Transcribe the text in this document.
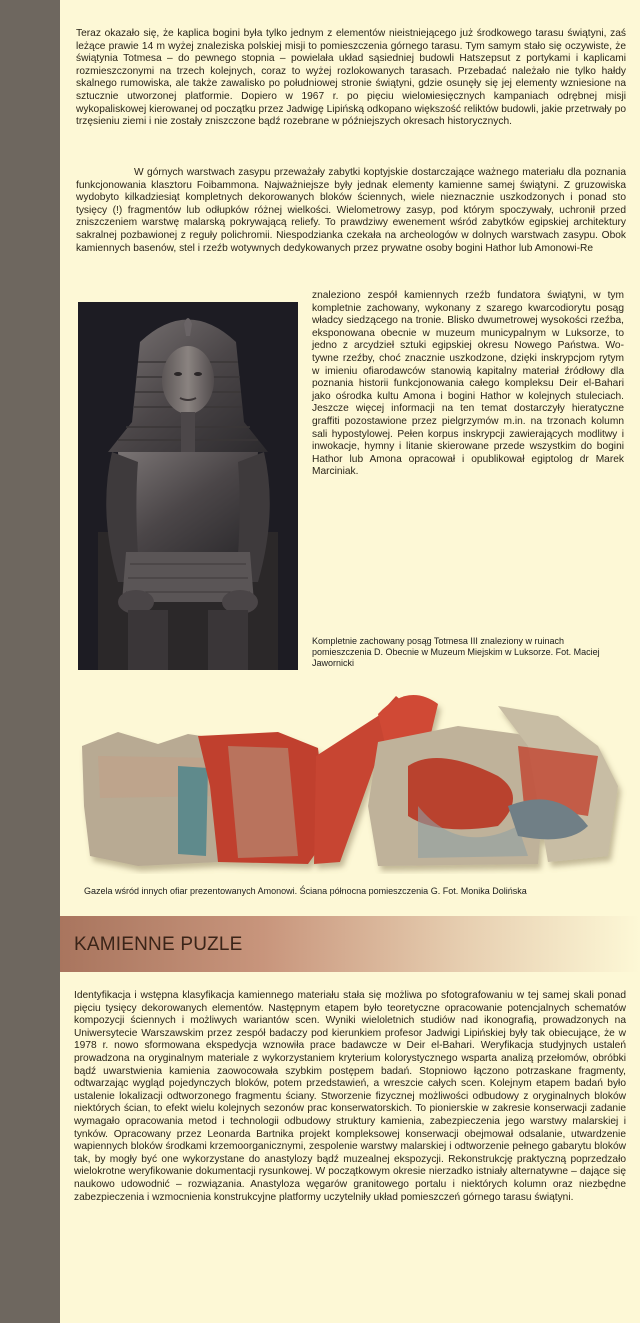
Teraz okazało się, że kaplica bogini była tylko jednym z elementów nieistniejącego już środkowego tarasu świątyni, zaś leżące prawie 14 m wyżej znaleziska polskiej misji to pomieszczenia górnego tarasu. Tym samym stało się oczywiste, że świątynia Totmesa – do pewnego stopnia – powielała układ sąsiedniej budowli Hatszepsut z portykami i kaplicami rozmieszczonymi na trzech kolejnych, coraz to wyżej rozlokowanych tarasach. Przebadać należało nie tylko hałdy skalnego rumowiska, ale także zawalisko po południowej stronie świątyni, gdzie osunęły się jej elementy wzniesione na sztucznie utworzonej platformie. Dopiero w 1967 r. po pięciu wieloмiesięcznych kampaniach odrębnej misji wykopaliskowej kierowanej od początku przez Jadwigę Lipińską odkopano większość reliktów budowli, jakie przetrwały po trzęsieniu ziemi i nie zostały zniszczone bądź rozebrane w późniejszych okresach historycznych.

W górnych warstwach zasypu przeważały zabytki koptyjskie dostarczające ważnego materiału dla poznania funkcjonowania klasztoru Foibammona. Najważniejsze były jednak elementy kamienne samej świątyni. Z gruzowiska wydobyto kilkadziesiąt kompletnych dekorowanych bloków ściennych, wiele nieznacznie uszkodzonych i ponad sto tysięcy (!) fragmentów lub odłupków różnej wielkości. Wielometrowy zasyp, pod którym spoczywały, uchronił przed zniszczeniem warstwę malarską pokrywającą reliefy. To prawdziwy ewenement wśród zabytków egipskiej architektury sakralnej pozbawionej z reguły polichromii. Niespodzianka czekała na archeologów w dolnych warstwach zasypu. Obok kamiennych basenów, stel i rzeźb wotywnych dedykowanych przez prywatne osoby bogini Hathor lub Amonowi-Re

znaleziono zespół kamiennych rzeźb fundatora świątyni, w tym kompletnie zachowany, wykonany z szarego kwarcodiorytu posąg władcy siedzącego na tronie. Blisko dwumetrowej wysokości rzeźba, eksponowana obecnie w muzeum municypalnym w Luksorze, to jedno z arcydzieł sztuki egipskiej okresu Nowego Państwa. Wo-tywne rzeźby, choć znacznie uszkodzone, dzięki inskrypcjom rytym w imieniu ofiarodawców stanowią kapitalny materiał źródłowy dla poznania historii funkcjonowania całego kompleksu Deir el-Bahari jako ośrodka kultu Amona i bogini Hathor w kolejnych stuleciach. Jeszcze więcej informacji na ten temat dostarczyły hieratyczne graffiti pozostawione przez pielgrzymów m.in. na trzonach kolumn sali hypostylowej. Pełen korpus inskrypcji zawierających modlitwy i inwokacje, hymny i litanie skierowane przede wszystkim do bogini Hathor lub Amona opracował i opublikował egiptolog dr Marek Marciniak.

Kompletnie zachowany posąg Totmesa III znaleziony w ruinach pomieszczenia D. Obecnie w Muzeum Miejskim w Luksorze. Fot. Maciej Jawornicki
Gazela wśród innych ofiar prezentowanych Amonowi. Ściana północna pomieszczenia G. Fot. Monika Dolińska
KAMIENNE PUZLE

Identyfikacja i wstępna klasyfikacja kamiennego materiału stała się możliwa po sfotografowaniu w tej samej skali ponad pięciu tysięcy dekorowanych elementów. Następnym etapem było teoretyczne opracowanie potencjalnych schematów kompozycji ściennych i możliwych wariantów scen. Wyniki wieloletnich studiów nad ikonografią, prowadzonych na Uniwersytecie Warszawskim przez zespół badaczy pod kierunkiem profesor Jadwigi Lipińskiej były tak obiecujące, że w 1978 r. nowo sformowana ekspedycja wznowiła prace badawcze w Deir el-Bahari. Weryfikacja studyjnych ustaleń prowadzona na oryginalnym materiale z wykorzystaniem kryterium kolorystycznego wsparta analizą przełomów, obróbki bądź uwarstwienia kamienia zaowocowała szybkim postępem badań. Stopniowo łączono potrzaskane fragmenty, odtwarzając wygląd pojedynczych bloków, potem przedstawień, a wreszcie całych scen. Kolejnym etapem badań było ustalenie lokalizacji odtworzonego fragmentu ściany. Stworzenie fizycznej możliwości odbudowy z oryginalnych bloków niektórych ścian, to efekt wielu kolejnych sezonów prac konserwatorskich. To pionierskie w zakresie konserwacji zadanie wymagało opracowania metod i technologii odbudowy struktury kamienia, zabezpieczenia jego warstwy malarskiej i tynków. Opracowany przez Leonarda Bartnika projekt kompleksowej konserwacji obejmował odsalanie, utwardzenie wapiennych bloków środkami krzemoorganicznymi, zespolenie warstwy malarskiej i odtworzenie pełnego gabarytu bloków tak, by mogły być one wykorzystane do anastylozy bądź muzealnej ekspozycji. Rekonstrukcję praktyczną poprzedzało wielokrotne weryfikowanie dokumentacji rysunkowej. W początkowym okresie nierzadko istniały alternatywne – dające się naukowo udowodnić – rozwiązania. Anastyloza węgarów granitowego portalu i niektórych kolumn oraz niezbędne zabezpieczenia i wzmocnienia konstrukcyjne platformy uczytelniły układ pomieszczeń górnego tarasu świątyni.
